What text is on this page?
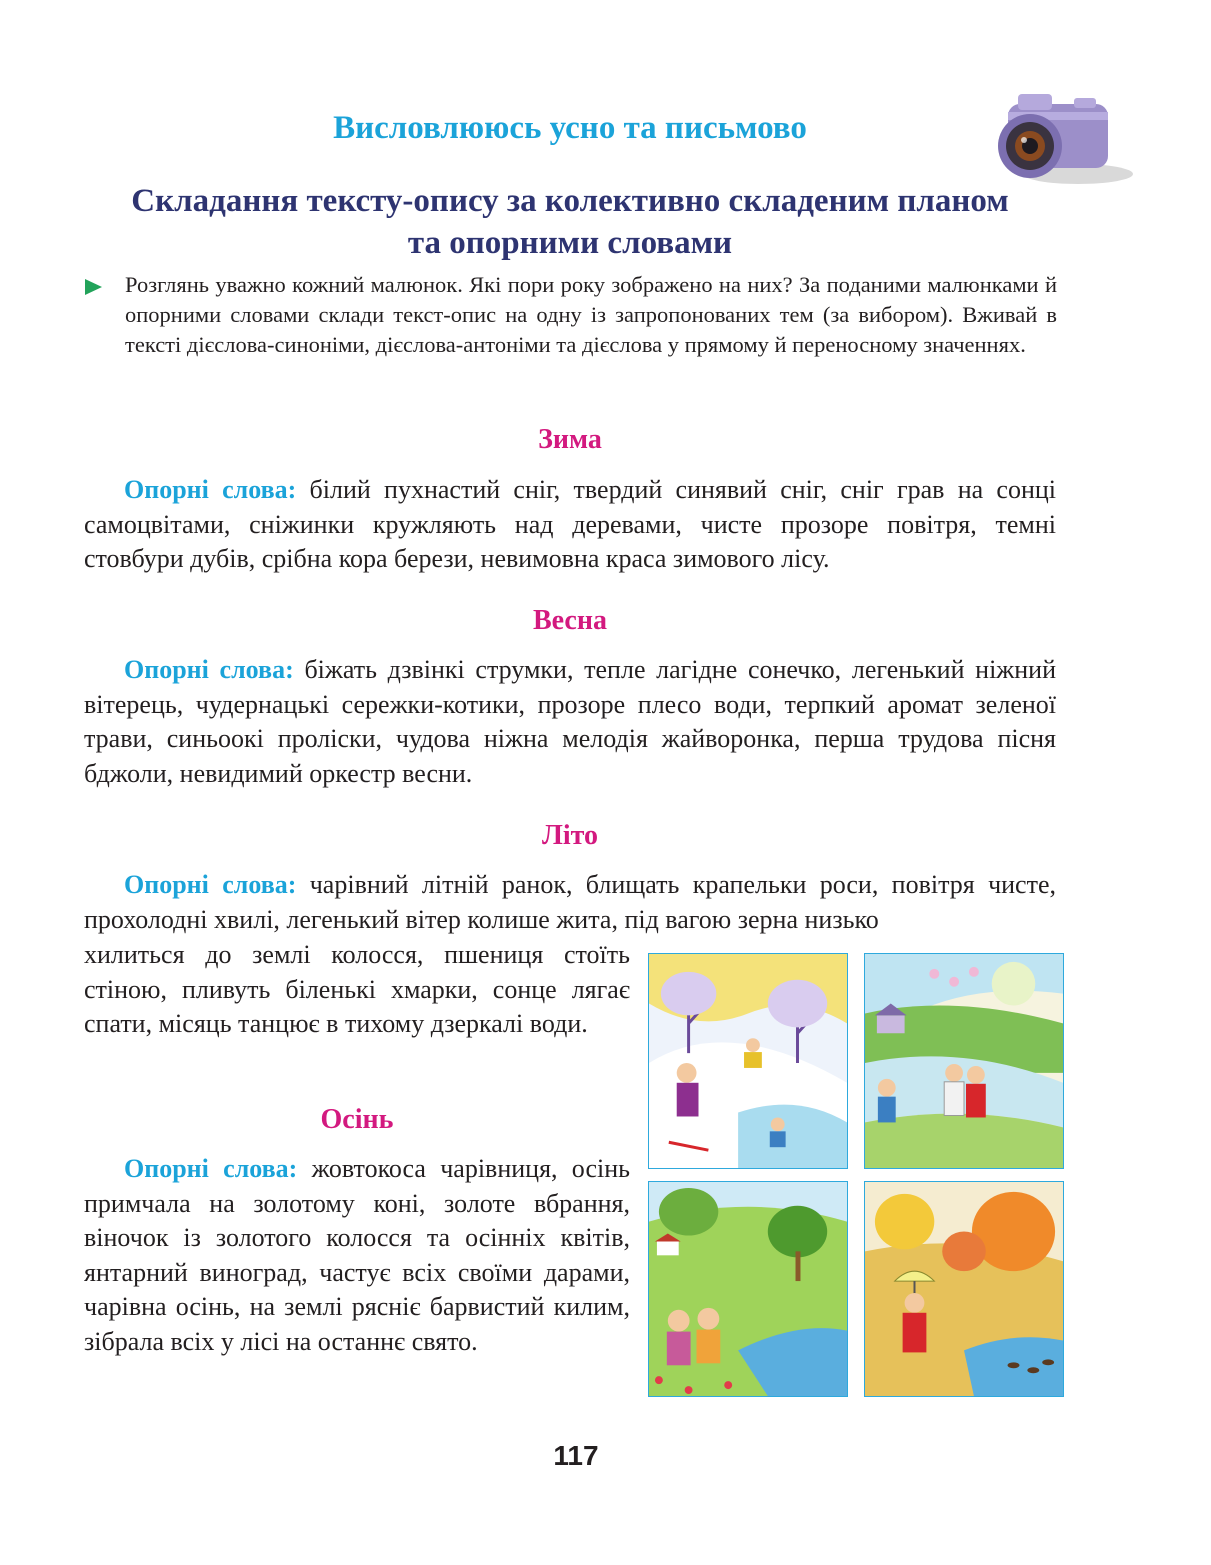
Висловлююсь усно та письмово
Складання тексту-опису за колективно складеним планом
та опорними словами

Розглянь уважно кожний малюнок. Які пори року зображено на них? За поданими малюнками й опорними словами склади текст-опис на одну із запропонованих тем (за вибором). Вживай в тексті дієслова-синоніми, дієслова-антоніми та дієслова у прямому й переносному значеннях.

Зима

Опорні слова: білий пухнастий сніг, твердий синявий сніг, сніг грав на сонці самоцвітами, сніжинки кружляють над деревами, чисте прозоре повітря, темні стовбури дубів, срібна кора берези, невимовна краса зимового лісу.

Весна

Опорні слова: біжать дзвінкі струмки, тепле лагідне сонечко, легенький ніжний вітерець, чудернацькі сережки-котики, прозоре плесо води, терпкий аромат зеленої трави, синьоокі проліски, чудова ніжна мелодія жайворонка, перша трудова пісня бджоли, невидимий оркестр весни.

Літо

Опорні слова: чарівний літній ранок, блищать крапельки роси, повітря чисте, прохолодні хвилі, легенький вітер колише жита, під вагою зерна низько

хилиться до землі колосся, пшениця стоїть стіною, пливуть біленькі хмарки, сонце лягає спати, місяць танцює в тихому дзеркалі води.

Осінь

Опорні слова: жовтокоса чарівниця, осінь примчала на золотому коні, золоте вбрання, віночок із золотого колосся та осінніх квітів, янтарний виноград, частує всіх своїми дарами, чарівна осінь, на землі рясніє барвистий килим, зібрала всіх у лісі на останнє свято.

117
